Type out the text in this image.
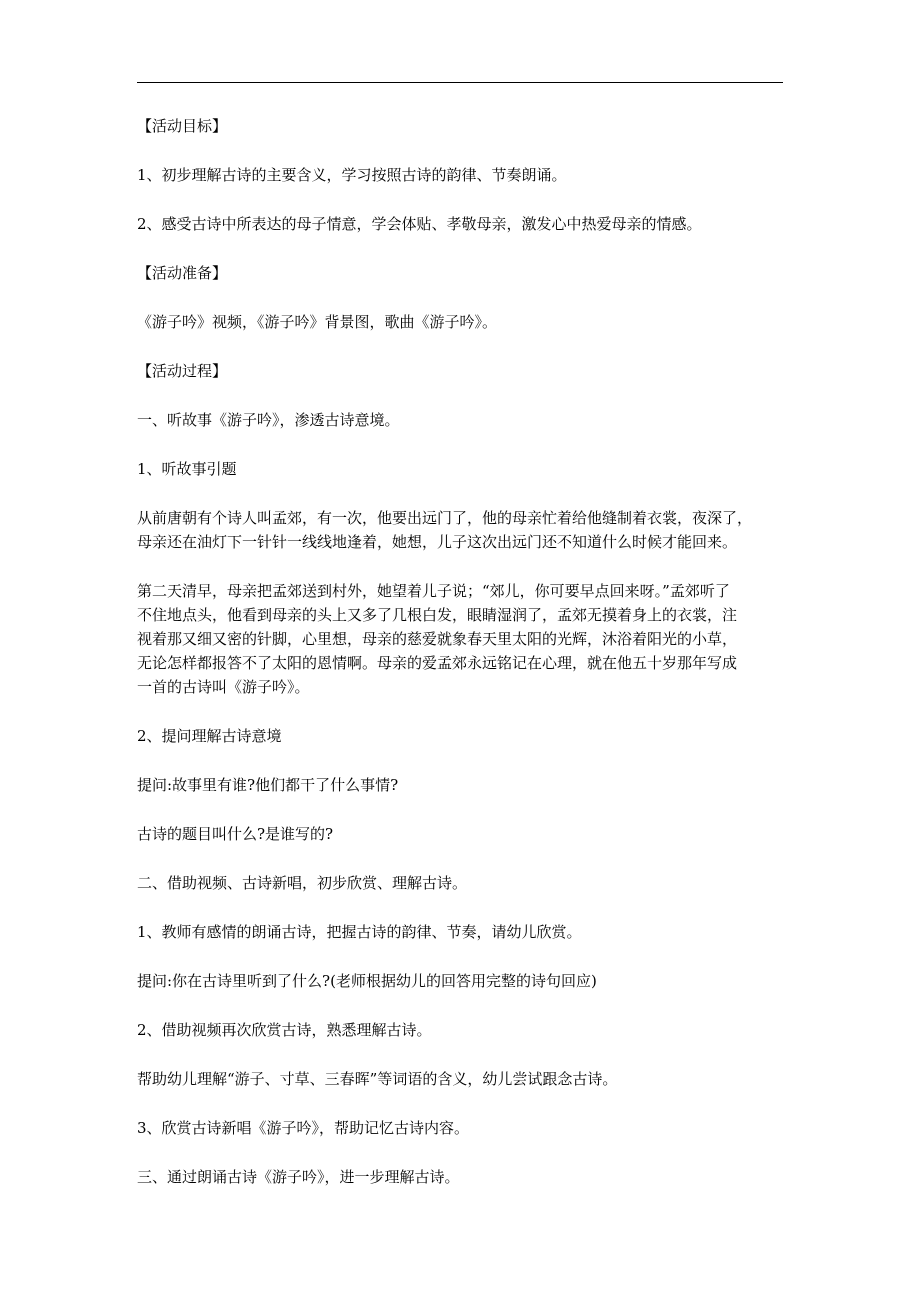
【活动目标】

1、初步理解古诗的主要含义，学习按照古诗的韵律、节奏朗诵。

2、感受古诗中所表达的母子情意，学会体贴、孝敬母亲，激发心中热爱母亲的情感。

【活动准备】

《游子吟》视频，《游子吟》背景图，歌曲《游子吟》。

【活动过程】

一、听故事《游子吟》，渗透古诗意境。

1、听故事引题

从前唐朝有个诗人叫孟郊，有一次，他要出远门了，他的母亲忙着给他缝制着衣裳，夜深了，
母亲还在油灯下一针针一线线地逢着，她想，儿子这次出远门还不知道什么时候才能回来。

第二天清早，母亲把孟郊送到村外，她望着儿子说；“郊儿，你可要早点回来呀。”孟郊听了
不住地点头，他看到母亲的头上又多了几根白发，眼睛湿润了，孟郊无摸着身上的衣裳，注
视着那又细又密的针脚，心里想，母亲的慈爱就象春天里太阳的光辉，沐浴着阳光的小草，
无论怎样都报答不了太阳的恩情啊。母亲的爱孟郊永远铭记在心理，就在他五十岁那年写成
一首的古诗叫《游子吟》。

2、提问理解古诗意境

提问:故事里有谁?他们都干了什么事情?

古诗的题目叫什么?是谁写的?

二、借助视频、古诗新唱，初步欣赏、理解古诗。

1、教师有感情的朗诵古诗，把握古诗的韵律、节奏，请幼儿欣赏。

提问:你在古诗里听到了什么?(老师根据幼儿的回答用完整的诗句回应)

2、借助视频再次欣赏古诗，熟悉理解古诗。

帮助幼儿理解“游子、寸草、三春晖”等词语的含义，幼儿尝试跟念古诗。

3、欣赏古诗新唱《游子吟》，帮助记忆古诗内容。

三、通过朗诵古诗《游子吟》，进一步理解古诗。
